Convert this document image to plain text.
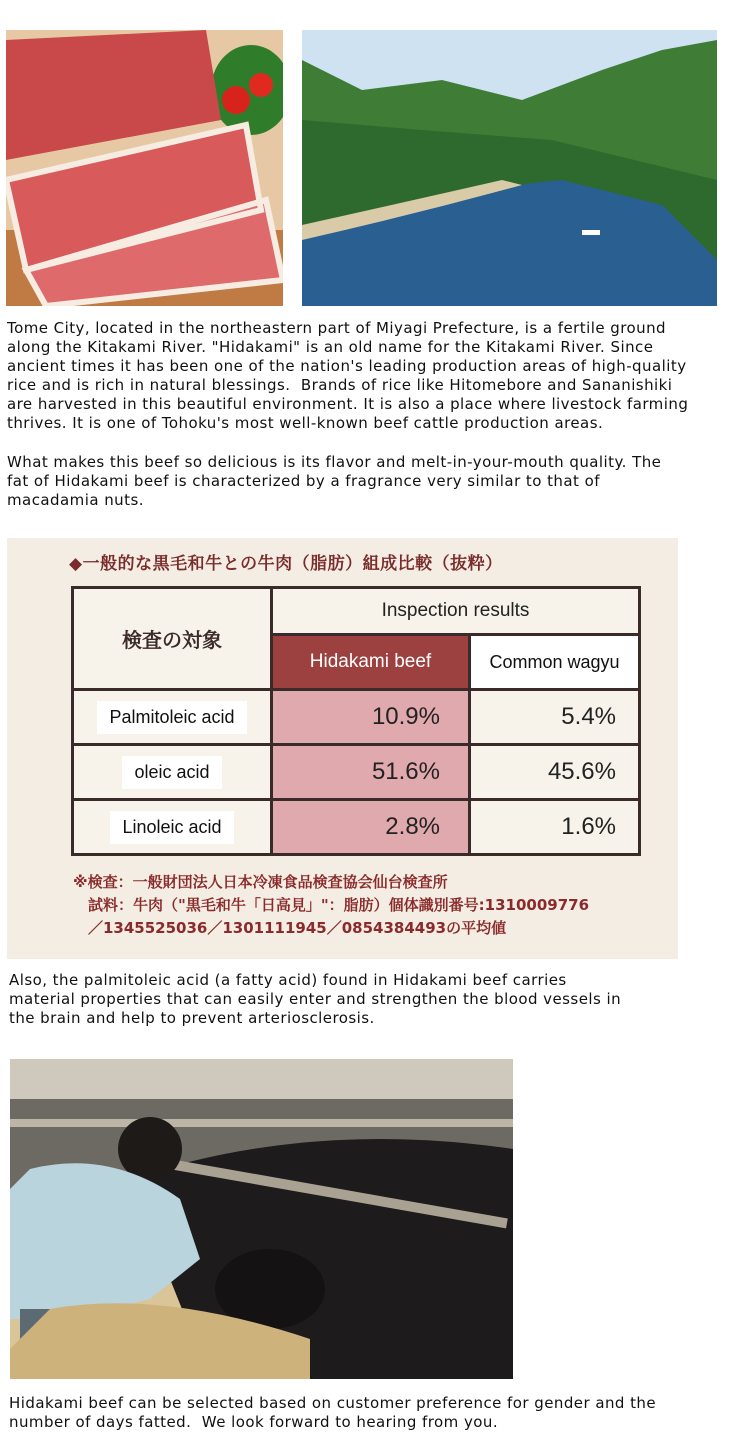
Tome City, located in the northeastern part of Miyagi Prefecture, is a fertile ground
along the Kitakami River. "Hidakami" is an old name for the Kitakami River. Since
ancient times it has been one of the nation's leading production areas of high-quality
rice and is rich in natural blessings.  Brands of rice like Hitomebore and Sananishiki
are harvested in this beautiful environment. It is also a place where livestock farming
thrives. It is one of Tohoku's most well-known beef cattle production areas.
What makes this beef so delicious is its flavor and melt-in-your-mouth quality. The
fat of Hidakami beef is characterized by a fragrance very similar to that of
macadamia nuts.
◆一般的な黒毛和牛との牛肉（脂肪）組成比較（抜粋）
検査の対象	Inspection results	
	Hidakami beef	Common wagyu
Palmitoleic acid	10.9%	5.4%
oleic acid	51.6%	45.6%
Linoleic acid	2.8%	1.6%
※検査：一般財団法人日本冷凍食品検査協会仙台検査所
　試料：牛肉（"黒毛和牛「日高見」"：脂肪）個体識別番号:1310009776
　／1345525036／1301111945／0854384493の平均値
Also, the palmitoleic acid (a fatty acid) found in Hidakami beef carries
material properties that can easily enter and strengthen the blood vessels in
the brain and help to prevent arteriosclerosis.
Hidakami beef can be selected based on customer preference for gender and the
number of days fatted.  We look forward to hearing from you.
